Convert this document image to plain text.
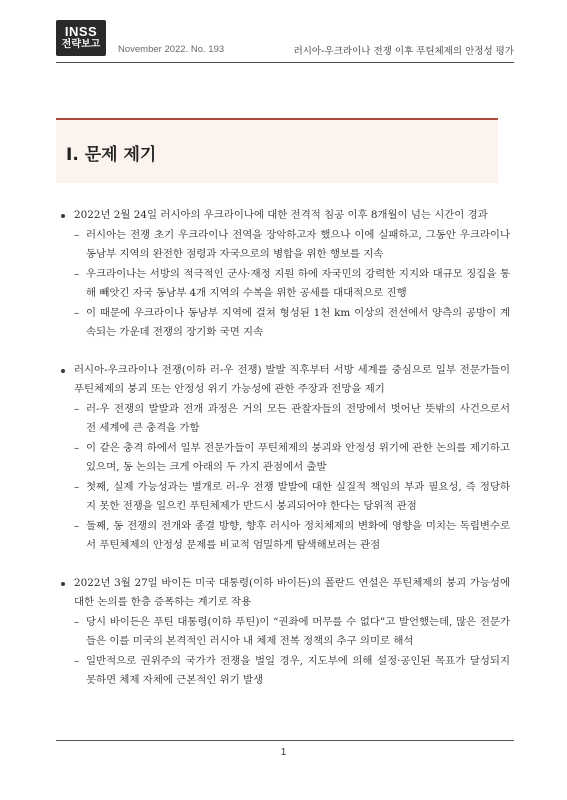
INSS
전략보고 November 2022. No. 193	러시아-우크라이나 전쟁 이후 푸틴체제의 안정성 평가
Ⅰ. 문제 제기
2022년 2월 24일 러시아의 우크라이나에 대한 전격적 침공 이후 8개월이 넘는 시간이 경과
– 러시아는 전쟁 초기 우크라이나 전역을 장악하고자 했으나 이에 실패하고, 그동안 우크라이나 동남부 지역의 완전한 점령과 자국으로의 병합을 위한 행보를 지속
– 우크라이나는 서방의 적극적인 군사·재정 지원 하에 자국민의 강력한 지지와 대규모 징집을 통해 빼앗긴 자국 동남부 4개 지역의 수복을 위한 공세를 대대적으로 진행
– 이 때문에 우크라이나 동남부 지역에 걸쳐 형성된 1천 km 이상의 전선에서 양측의 공방이 계속되는 가운데 전쟁의 장기화 국면 지속
러시아-우크라이나 전쟁(이하 러-우 전쟁) 발발 직후부터 서방 세계를 중심으로 일부 전문가들이 푸틴체제의 붕괴 또는 안정성 위기 가능성에 관한 주장과 전망을 제기
– 러-우 전쟁의 발발과 전개 과정은 거의 모든 관찰자들의 전망에서 벗어난 뜻밖의 사건으로서 전 세계에 큰 충격을 가함
– 이 같은 충격 하에서 일부 전문가들이 푸틴체제의 붕괴와 안정성 위기에 관한 논의를 제기하고 있으며, 동 논의는 크게 아래의 두 가지 관점에서 출발
– 첫째, 실제 가능성과는 별개로 러-우 전쟁 발발에 대한 실질적 책임의 부과 필요성, 즉 정당하지 못한 전쟁을 일으킨 푸틴체제가 반드시 붕괴되어야 한다는 당위적 관점
– 둘째, 동 전쟁의 전개와 종결 방향, 향후 러시아 정치체제의 변화에 영향을 미치는 독립변수로서 푸틴체제의 안정성 문제를 비교적 엄밀하게 탐색해보려는 관점
2022년 3월 27일 바이든 미국 대통령(이하 바이든)의 폴란드 연설은 푸틴체제의 붕괴 가능성에 대한 논의를 한층 증폭하는 계기로 작용
– 당시 바이든은 푸틴 대통령(이하 푸틴)이 “권좌에 머무를 수 없다”고 발언했는데, 많은 전문가들은 이를 미국의 본격적인 러시아 내 체제 전복 정책의 추구 의미로 해석
– 일반적으로 권위주의 국가가 전쟁을 벌일 경우, 지도부에 의해 설정·공인된 목표가 달성되지 못하면 체제 자체에 근본적인 위기 발생
1
